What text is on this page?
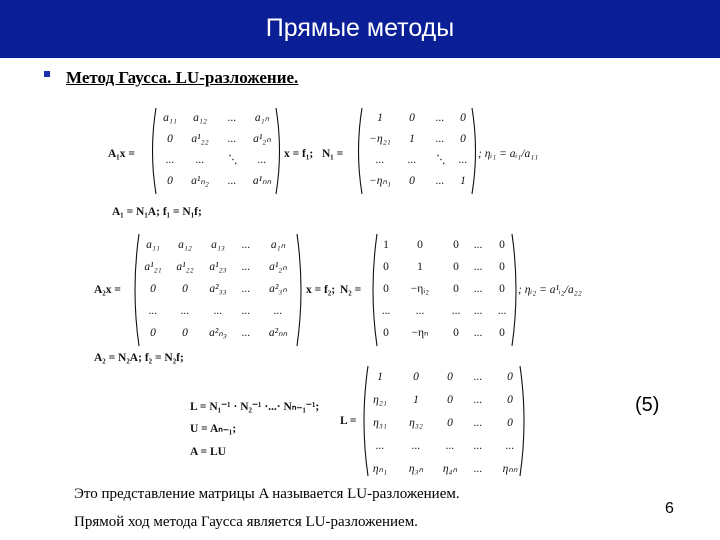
Прямые методы
Метод Гаусса. LU-разложение.
A₁x =
a₁₁ a₁₂ ... a₁ₙ
0 a¹₂₂ ... a¹₂ₙ
... ... ⋱ ...
0 a¹ₙ₂ ... a¹ₙₙ
x = f₁; N₁ =
1 0 ... 0
−η₂₁ 1 ... 0
... ... ⋱ ...
−ηₙ₁ 0 ... 1
; ηᵢ₁ = aᵢ₁/a₁₁
A₁ = N₁A; f₁ = N₁f;
A₂x =
a₁₁ a₁₂ a₁₃ ... a₁ₙ
a¹₂₁ a¹₂₂ a¹₂₃ ... a¹₂ₙ
0 0 a²₃₃ ... a²₃ₙ
... ... ... ... ...
0 0 a²ₙ₃ ... a²ₙₙ
x = f₂; N₂ =
1 0	0 ... 0
0 1	0 ... 0
0 −ηᵢ₂ 0 ... 0
... ... ... ... ...
0 −ηₙ 0 ... 0
; ηᵢ₂ = a¹ᵢ₂/a₂₂
A₂ = N₂A; f₂ = N₂f;
L = N₁⁻¹ · N₂⁻¹ ·...· Nₙ₋₁⁻¹;
U = Aₙ₋₁;
A = LU
L =
1	0 0 ... 0
η₂₁ 1 0 ... 0
η₃₁ η₃₂ 0 ... 0
... ... ... ... ...
ηₙ₁ η₃ₙ η₄ₙ ... ηₙₙ
(5)
Это представление матрицы A называется LU-разложением.
Прямой ход метода Гаусса является LU-разложением.
6
